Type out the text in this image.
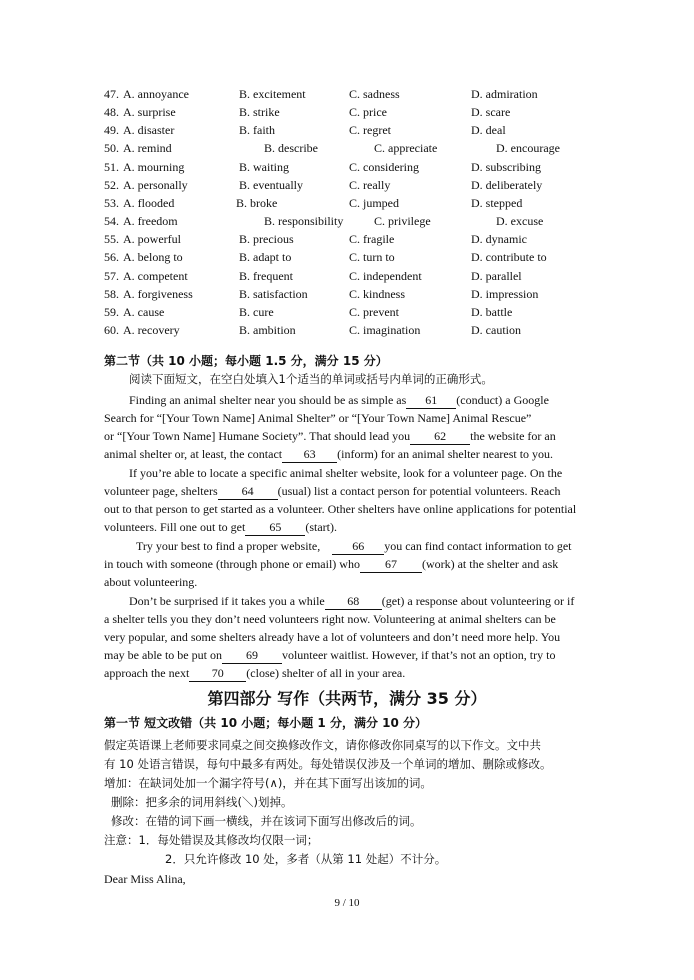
47. A. annoyance	B. excitement	C. sadness	D. admiration
48. A. surprise	B. strike	C. price	D. scare
49. A. disaster	B. faith	C. regret	D. deal
50. A. remind	B. describe	C. appreciate	D. encourage
51. A. mourning	B. waiting	C. considering	D. subscribing
52. A. personally	B. eventually	C. really	D. deliberately
53. A. flooded	B. broke	C. jumped	D. stepped
54. A. freedom	B. responsibility	C. privilege	D. excuse
55. A. powerful	B. precious	C. fragile	D. dynamic
56. A. belong to	B. adapt to	C. turn to	D. contribute to
57. A. competent	B. frequent	C. independent	D. parallel
58. A. forgiveness	B. satisfaction	C. kindness	D. impression
59. A. cause	B. cure	C. prevent	D. battle
60. A. recovery	B. ambition	C. imagination	D. caution
第二节（共 10 小题；每小题 1.5 分，满分 15 分）
阅读下面短文，在空白处填入1个适当的单词或括号内单词的正确形式。
Finding an animal shelter near you should be as simple as 61 (conduct) a Google
Search for “[Your Town Name] Animal Shelter” or “[Your Town Name] Animal Rescue”
or “[Your Town Name] Humane Society”. That should lead you 62 the website for an
animal shelter or, at least, the contact 63 (inform) for an animal shelter nearest to you.
If you’re able to locate a specific animal shelter website, look for a volunteer page. On the
volunteer page, shelters 64 (usual) list a contact person for potential volunteers. Reach
out to that person to get started as a volunteer. Other shelters have online applications for potential
volunteers. Fill one out to get 65 (start).
Try your best to find a proper website,	66 you can find contact information to get
in touch with someone (through phone or email) who 67 (work) at the shelter and ask
about volunteering.
Don’t be surprised if it takes you a while 68 (get) a response about volunteering or if
a shelter tells you they don’t need volunteers right now. Volunteering at animal shelters can be
very popular, and some shelters already have a lot of volunteers and don’t need more help. You
may be able to be put on 69 volunteer waitlist. However, if that’s not an option, try to
approach the next 70 (close) shelter of all in your area.
第四部分 写作（共两节，满分 35 分）
第一节 短文改错（共 10 小题；每小题 1 分，满分 10 分）
假定英语课上老师要求同桌之间交换修改作文，请你修改你同桌写的以下作文。文中共
有 10 处语言错误，每句中最多有两处。每处错误仅涉及一个单词的增加、删除或修改。
增加：在缺词处加一个漏字符号(∧)，并在其下面写出该加的词。
删除：把多余的词用斜线(＼)划掉。
修改：在错的词下画一横线，并在该词下面写出修改后的词。
注意：1．每处错误及其修改均仅限一词；
2．只允许修改 10 处，多者（从第 11 处起）不计分。
Dear Miss Alina,
9 / 10
